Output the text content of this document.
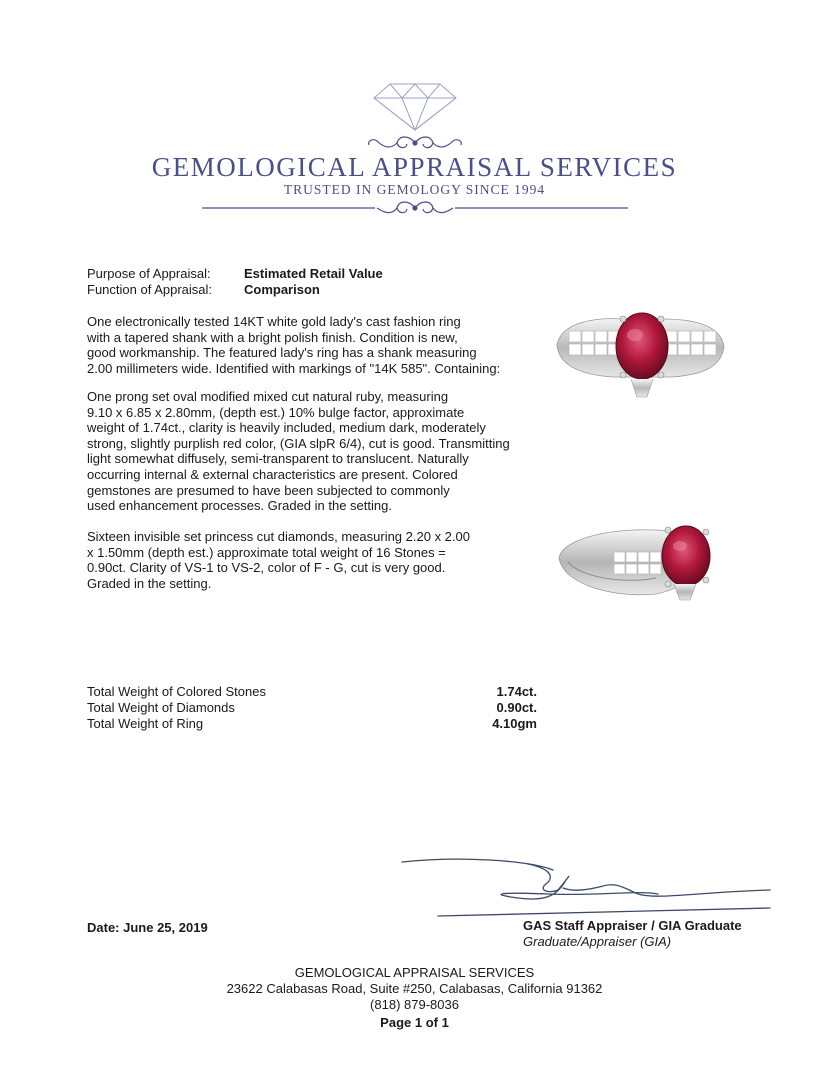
GEMOLOGICAL APPRAISAL SERVICES
TRUSTED IN GEMOLOGY SINCE 1994
Purpose of Appraisal:	Estimated Retail Value
Function of Appraisal: Comparison
One electronically tested 14KT white gold lady's cast fashion ring
with a tapered shank with a bright polish finish. Condition is new,
good workmanship. The featured lady's ring has a shank measuring
2.00 millimeters wide. Identified with markings of "14K 585". Containing:
One prong set oval modified mixed cut natural ruby, measuring
9.10 x 6.85 x 2.80mm, (depth est.) 10% bulge factor, approximate
weight of 1.74ct., clarity is heavily included, medium dark, moderately
strong, slightly purplish red color, (GIA slpR 6/4), cut is good. Transmitting
light somewhat diffusely, semi-transparent to translucent. Naturally
occurring internal & external characteristics are present. Colored
gemstones are presumed to have been subjected to commonly
used enhancement processes. Graded in the setting.
Sixteen invisible set princess cut diamonds, measuring 2.20 x 2.00
x 1.50mm (depth est.) approximate total weight of 16 Stones =
0.90ct. Clarity of VS-1 to VS-2, color of F - G, cut is very good.
Graded in the setting.
Total Weight of Colored Stones	1.74ct.
Total Weight of Diamonds	0.90ct.
Total Weight of Ring	4.10gm
Date: June 25, 2019	GAS Staff Appraiser / GIA Graduate
Graduate/Appraiser (GIA)
GEMOLOGICAL APPRAISAL SERVICES
23622 Calabasas Road, Suite #250, Calabasas, California 91362
(818) 879-8036
Page 1 of 1
